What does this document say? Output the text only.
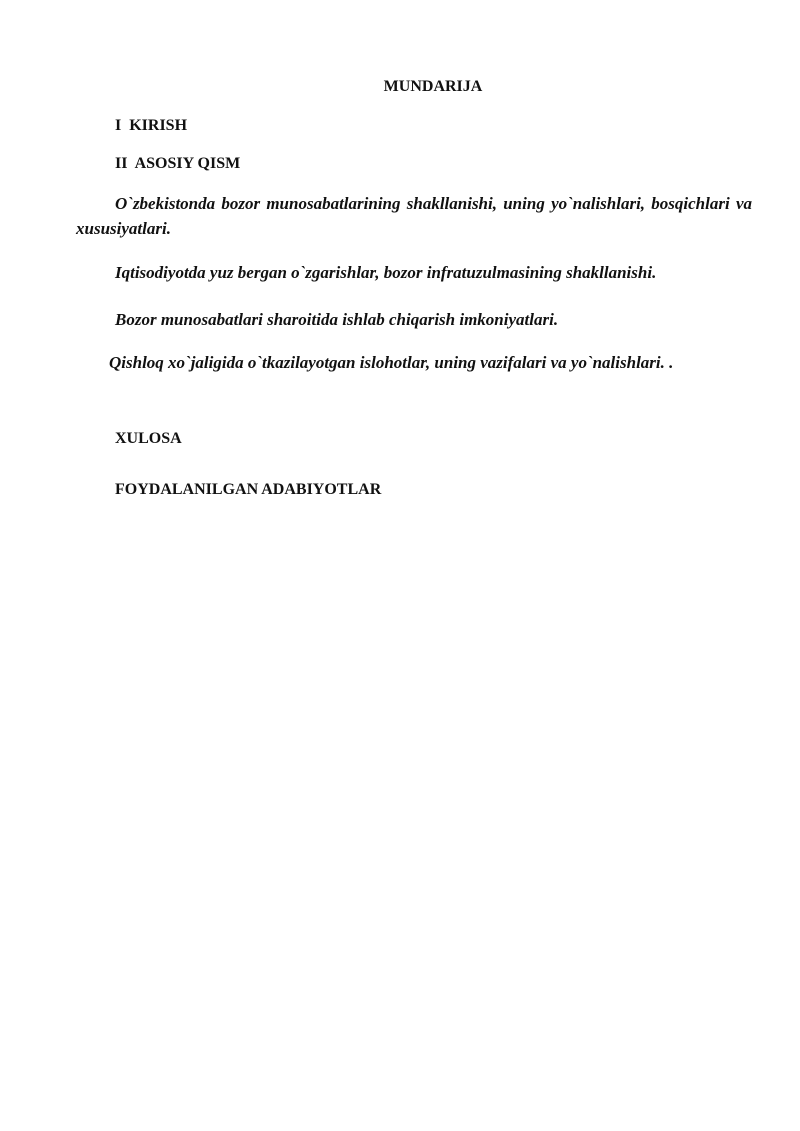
MUNDARIJA
I  KIRISH
II  ASOSIY QISM

O`zbekistonda bozor munosabatlarining shakllanishi, uning yo`nalishlari, bosqichlari va xususiyatlari.

Iqtisodiyotda yuz bergan o`zgarishlar, bozor infratuzulmasining shakllanishi.

Bozor munosabatlari sharoitida ishlab chiqarish imkoniyatlari.

Qishloq xo`jaligida o`tkazilayotgan islohotlar, uning vazifalari va yo`nalishlari. .

XULOSA
FOYDALANILGAN ADABIYOTLAR
